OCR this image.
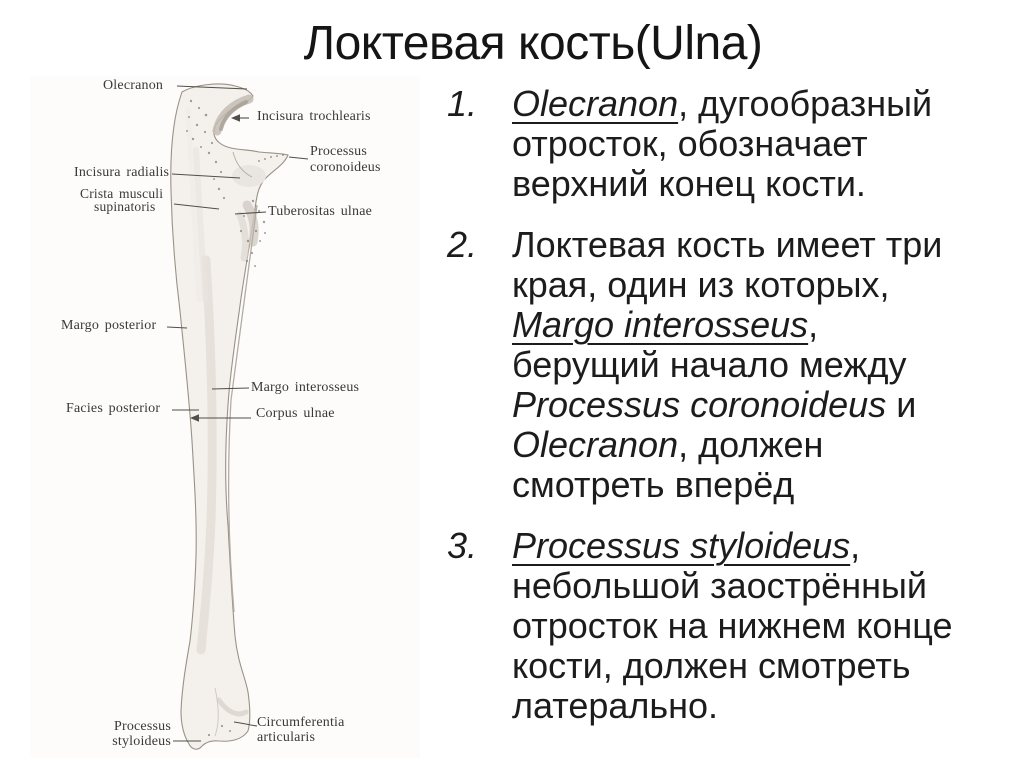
Локтевая кость(Ulna)
Olecranon
Incisura trochlearis
Processus
coronoideus
Incisura radialis
Crista musculi
supinatoris	Tuberositas ulnae
Margo posterior
Margo interosseus
Facies posterior	Corpus ulnae
Processus
styloideus
Circumferentia
articularis
1. Olecranon, дугообразный
отросток, обозначает
верхний конец кости.
2. Локтевая кость имеет три
края, один из которых,
Margo interosseus,
берущий начало между
Processus coronoideus и
Olecranon, должен
смотреть вперёд
3. Processus styloideus,
небольшой заострённый
отросток на нижнем конце
кости, должен смотреть
латерально.
